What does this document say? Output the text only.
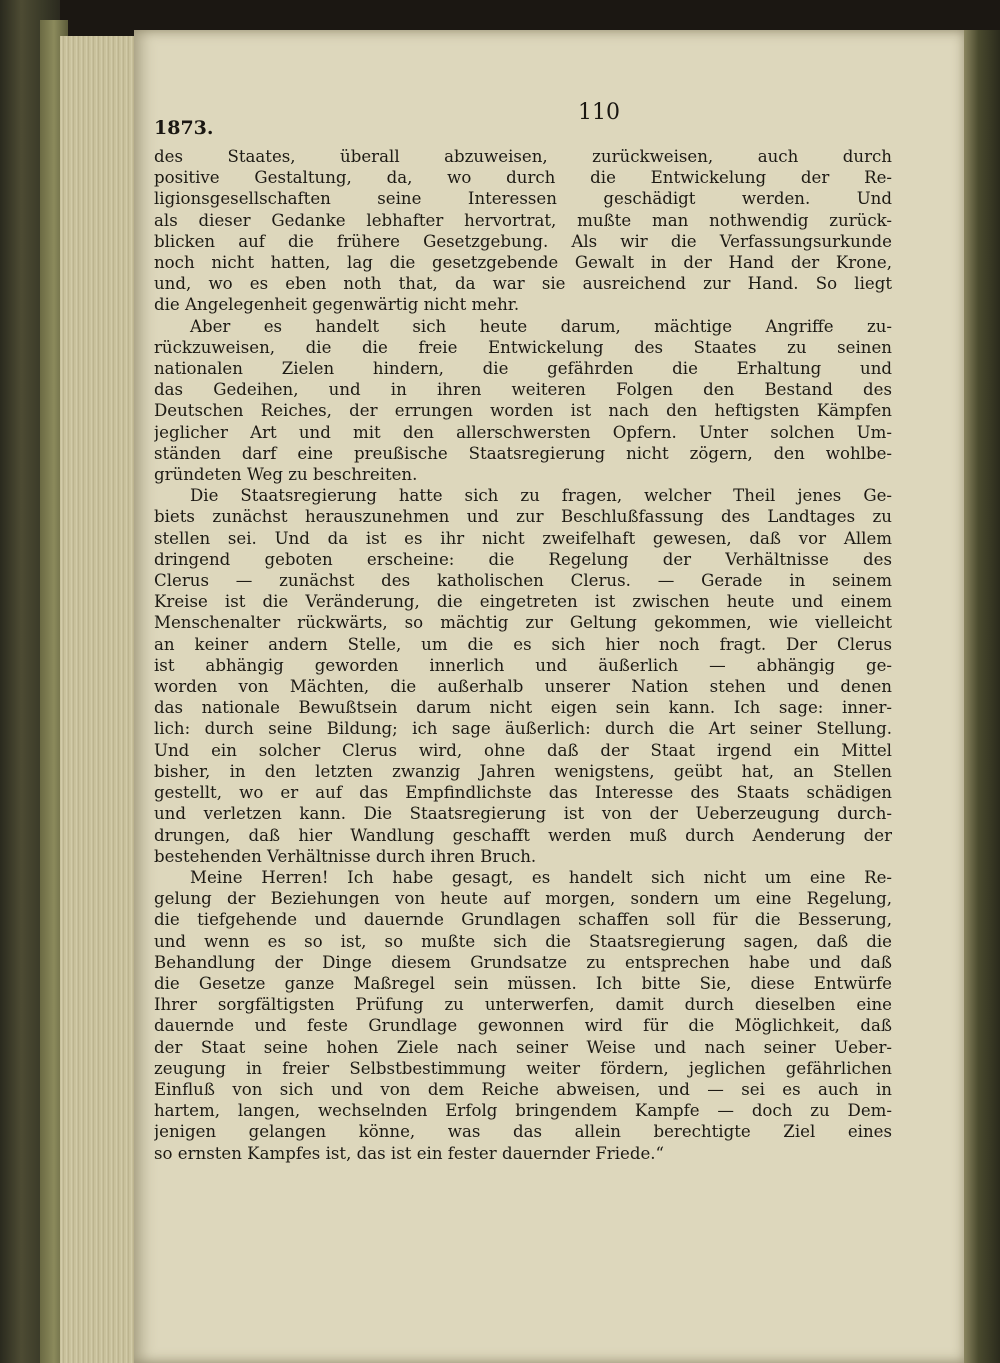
1873.
110
des Staates, überall abzuweisen, zurückweisen, auch durch
positive Gestaltung, da, wo durch die Entwickelung der Re-
ligionsgesellschaften seine Interessen geschädigt werden. Und
als dieser Gedanke lebhafter hervortrat, mußte man nothwendig zurück-
blicken auf die frühere Gesetzgebung. Als wir die Verfassungsurkunde
noch nicht hatten, lag die gesetzgebende Gewalt in der Hand der Krone,
und, wo es eben noth that, da war sie ausreichend zur Hand. So liegt
die Angelegenheit gegenwärtig nicht mehr.
Aber es handelt sich heute darum, mächtige Angriffe zu-
rückzuweisen, die die freie Entwickelung des Staates zu seinen
nationalen Zielen hindern, die gefährden die Erhaltung und
das Gedeihen, und in ihren weiteren Folgen den Bestand des
Deutschen Reiches, der errungen worden ist nach den heftigsten Kämpfen
jeglicher Art und mit den allerschwersten Opfern. Unter solchen Um-
ständen darf eine preußische Staatsregierung nicht zögern, den wohlbe-
gründeten Weg zu beschreiten.
Die Staatsregierung hatte sich zu fragen, welcher Theil jenes Ge-
biets zunächst herauszunehmen und zur Beschlußfassung des Landtages zu
stellen sei. Und da ist es ihr nicht zweifelhaft gewesen, daß vor Allem
dringend geboten erscheine: die Regelung der Verhältnisse des
Clerus — zunächst des katholischen Clerus. — Gerade in seinem
Kreise ist die Veränderung, die eingetreten ist zwischen heute und einem
Menschenalter rückwärts, so mächtig zur Geltung gekommen, wie vielleicht
an keiner andern Stelle, um die es sich hier noch fragt. Der Clerus
ist abhängig geworden innerlich und äußerlich — abhängig ge-
worden von Mächten, die außerhalb unserer Nation stehen und denen
das nationale Bewußtsein darum nicht eigen sein kann. Ich sage: inner-
lich: durch seine Bildung; ich sage äußerlich: durch die Art seiner Stellung.
Und ein solcher Clerus wird, ohne daß der Staat irgend ein Mittel
bisher, in den letzten zwanzig Jahren wenigstens, geübt hat, an Stellen
gestellt, wo er auf das Empfindlichste das Interesse des Staats schädigen
und verletzen kann. Die Staatsregierung ist von der Ueberzeugung durch-
drungen, daß hier Wandlung geschafft werden muß durch Aenderung der
bestehenden Verhältnisse durch ihren Bruch.
Meine Herren! Ich habe gesagt, es handelt sich nicht um eine Re-
gelung der Beziehungen von heute auf morgen, sondern um eine Regelung,
die tiefgehende und dauernde Grundlagen schaffen soll für die Besserung,
und wenn es so ist, so mußte sich die Staatsregierung sagen, daß die
Behandlung der Dinge diesem Grundsatze zu entsprechen habe und daß
die Gesetze ganze Maßregel sein müssen. Ich bitte Sie, diese Entwürfe
Ihrer sorgfältigsten Prüfung zu unterwerfen, damit durch dieselben eine
dauernde und feste Grundlage gewonnen wird für die Möglichkeit, daß
der Staat seine hohen Ziele nach seiner Weise und nach seiner Ueber-
zeugung in freier Selbstbestimmung weiter fördern, jeglichen gefährlichen
Einfluß von sich und von dem Reiche abweisen, und — sei es auch in
hartem, langen, wechselnden Erfolg bringendem Kampfe — doch zu Dem-
jenigen gelangen könne, was das allein berechtigte Ziel eines
so ernsten Kampfes ist, das ist ein fester dauernder Friede.“
